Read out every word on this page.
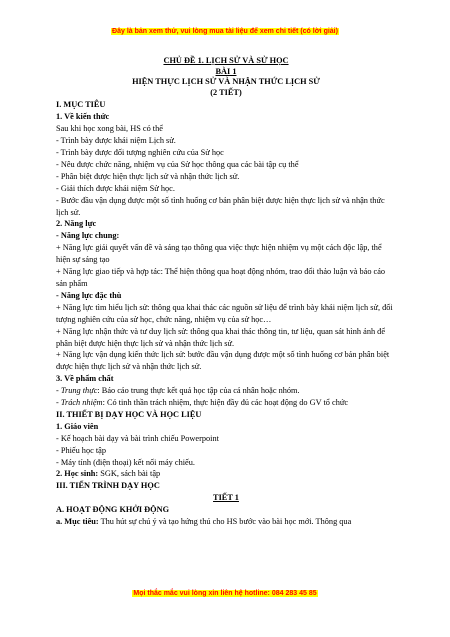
Đây là bản xem thử, vui lòng mua tài liệu để xem chi tiết (có lời giải)
CHỦ ĐỀ 1. LỊCH SỬ VÀ SỬ HỌC
BÀI 1
HIỆN THỰC LỊCH SỬ VÀ NHẬN THỨC LỊCH SỬ
(2 TIẾT)
I. MỤC TIÊU
1. Về kiến thức
Sau khi học xong bài, HS có thể
- Trình bày được khái niệm Lịch sử.
- Trình bày được đối tượng nghiên cứu của Sử học
- Nêu được chức năng, nhiệm vụ của Sử học thông qua các bài tập cụ thể
- Phân biệt được hiện thực lịch sử và nhận thức lịch sử.
- Giải thích được khái niệm Sử học.
- Bước đầu vận dụng được một số tình huống cơ bản phân biệt được hiện thực lịch sử và nhận thức lịch sử.
2. Năng lực
- Năng lực chung:
+ Năng lực giải quyết vấn đề và sáng tạo thông qua việc thực hiện nhiệm vụ một cách độc lập, thể hiện sự sáng tạo
+ Năng lực giao tiếp và hợp tác: Thể hiện thông qua hoạt động nhóm, trao đổi thảo luận và báo cáo sản phẩm
- Năng lực đặc thù
+ Năng lực tìm hiểu lịch sử: thông qua khai thác các nguồn sử liệu để trình bày khái niệm lịch sử, đối tượng nghiên cứu của sử học, chức năng, nhiệm vụ của sử học…
+ Năng lực nhận thức và tư duy lịch sử: thông qua khai thác thông tin, tư liệu, quan sát hình ảnh để phân biệt được hiện thực lịch sử và nhận thức lịch sử.
+ Năng lực vận dụng kiến thức lịch sử: bước đầu vận dụng được một số tình huống cơ bản phân biệt được hiện thực lịch sử và nhận thức lịch sử.
3. Về phẩm chất
- Trung thực: Báo cáo trung thực kết quả học tập của cá nhân hoặc nhóm.
- Trách nhiệm: Có tinh thần trách nhiệm, thực hiện đầy đủ các hoạt động do GV tổ chức
II. THIẾT BỊ DẠY HỌC VÀ HỌC LIỆU
1. Giáo viên
- Kế hoạch bài dạy và bài trình chiếu Powerpoint
- Phiếu học tập
- Máy tính (điện thoại) kết nối máy chiếu.
2. Học sinh: SGK, sách bài tập
III. TIẾN TRÌNH DẠY HỌC
TIẾT 1
A. HOẠT ĐỘNG KHỞI ĐỘNG
a. Mục tiêu: Thu hút sự chú ý và tạo hứng thú cho HS bước vào bài học mới. Thông qua
Mọi thắc mắc vui lòng xin liên hệ hotline: 084 283 45 85
